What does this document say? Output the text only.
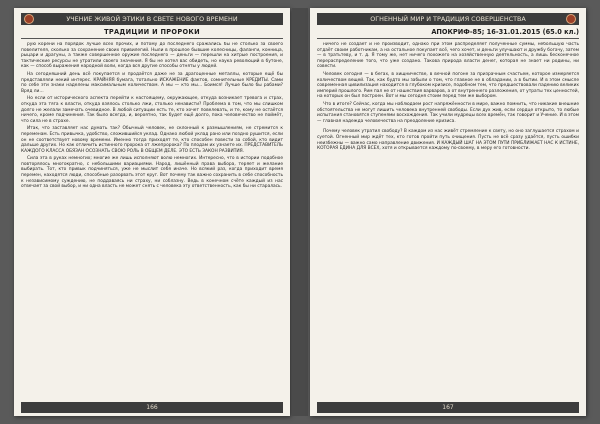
УЧЕНИЕ ЖИВОЙ ЭТИКИ В СВЕТЕ НОВОГО ВРЕМЕНИ
ТРАДИЦИИ И ПРОРОКИ

рую корени на порядок лучше всех прочих, и потому до последнего сражались бы не столько за своего повелителя, сколько за сохранение своих привилегий. Ныли в прошлое бывшие колесницы, фаланги, конница, рыцари и драгуны, а также совершенное оружие последнего — деньги — перешли на хитрые построения, и тактические ресурсы не утратили своего значения. Я бы не хотел вас обидеть, но наука революций в бутоне, как — способ выражения народной воли, когда вся другие способы отняты у людей.

На сегодняшний день всё покупается и продаётся даже не за драгоценные металлы, которые ещё бы представляли некий интерес. КРАЙНЯЯ бумага, тотально ИСКАЖЕНИЕ фактов, сомнительные КРЕДИТЫ. Сами по себе эти знаки наделены максимальным количеством. А мы — кто мы… Боимся! Лучше было бы рабами? Вряд ли…

Но если от исторического аспекта перейти к настоящему, окружающее, откуда возникает тревога и страх, откуда эта тяга к власти, откуда взялось столько лжи, столько ненависти? Проблема в том, что мы слишком долго не желали замечать очевидное. В любой ситуации есть те, кто хочет повелевать, и те, кому не остаётся ничего, кроме подчинения. Так было всегда, и, вероятно, так будет ещё долго, пока человечество не поймёт, что сила не в страхе.

Итак, что заставляет нас думать так? Обычный человек, не склонный к размышлениям, не стремится к переменам. Есть привычка, удобство, сложившийся уклад. Однако любой уклад рано или поздно рушится, если он не соответствует новому времени. Именно тогда приходят те, кто способен повести за собой, кто видит дальше других. Но как отличить истинного пророка от лжепророка? По плодам их узнаете их. ПРЕДСТАВИТЕЛЬ КАЖДОГО КЛАССА ОБЯЗАН ОСОЗНАТЬ СВОЮ РОЛЬ В ОБЩЕМ ДЕЛЕ. ЭТО ЕСТЬ ЗАКОН РАЗВИТИЯ.

Сила эта в руках немногих; многие же лишь исполняют волю немногих. Интересно, что в истории подобное повторялось многократно, с небольшими вариациями. Народ, лишённый права выбора, теряет и желание выбирать. Тот, кто привык подчиняться, уже не мыслит себя иначе. Но всякий раз, когда приходит время перемен, находятся люди, способные разорвать этот круг. Вот почему так важно сохранить в себе способность к независимому суждению, не поддаваясь ни страху, ни соблазну. Ведь в конечном счёте каждый из нас отвечает за свой выбор, и ни одна власть не может снять с человека эту ответственность, как бы ни старалась.

166
ОГНЕННЫЙ МИР И ТРАДИЦИЯ СОВЕРШЕНСТВА
АПОКРИФ-85; 16-31.01.2015 (65.0 кл.)

ничего не создаёт и не производит, однако при этом распределяет полученные суммы, небольшую часть отдаёт своим работникам, а на остальное покупает всё, чего хочет, и деньги улучшают и дружбу богачу, затем — в тратьтеву, и т. д. Я тому же, нет ничего похожего на хозяйственную деятельность, а лишь бесконечное перераспределение того, что уже создано. Такова природа власти денег, которая не знает ни родины, ни совести.

Человек сегодня — в бегах, в хищничестве, в вечной погоне за призрачным счастьем, которое измеряется количеством вещей. Так, как будто мы забыли о том, что главное не в обладании, а в бытии. И в этом смысле современная цивилизация находится в глубоком кризисе, подобном тем, что предшествовали падению великих империй прошлого. Рим пал не от нашествия варваров, а от внутреннего разложения, от утраты тех ценностей, на которых он был построен. Вот и мы сегодня стоим перед тем же выбором.

Что в итоге? Сейчас, когда мы наблюдаем рост напряжённости в мире, важно помнить, что никакие внешние обстоятельства не могут лишить человека внутренней свободы. Если дух жив, если сердце открыто, то любые испытания становятся ступенями восхождения. Так учили мудрецы всех времён, так говорит и Учение. И в этом — главная надежда человечества на преодоление кризиса.

Почему человек утратил свободу? В каждом из нас живёт стремление к свету, но оно заглушается страхом и суетой. Огненный мир ждёт тех, кто готов пройти путь очищения. Пусть не всё сразу удаётся, пусть ошибки неизбежны — важно само направление движения. И КАЖДЫЙ ШАГ НА ЭТОМ ПУТИ ПРИБЛИЖАЕТ НАС К ИСТИНЕ, КОТОРАЯ ЕДИНА ДЛЯ ВСЕХ, хотя и открывается каждому по-своему, в меру его готовности.

167
